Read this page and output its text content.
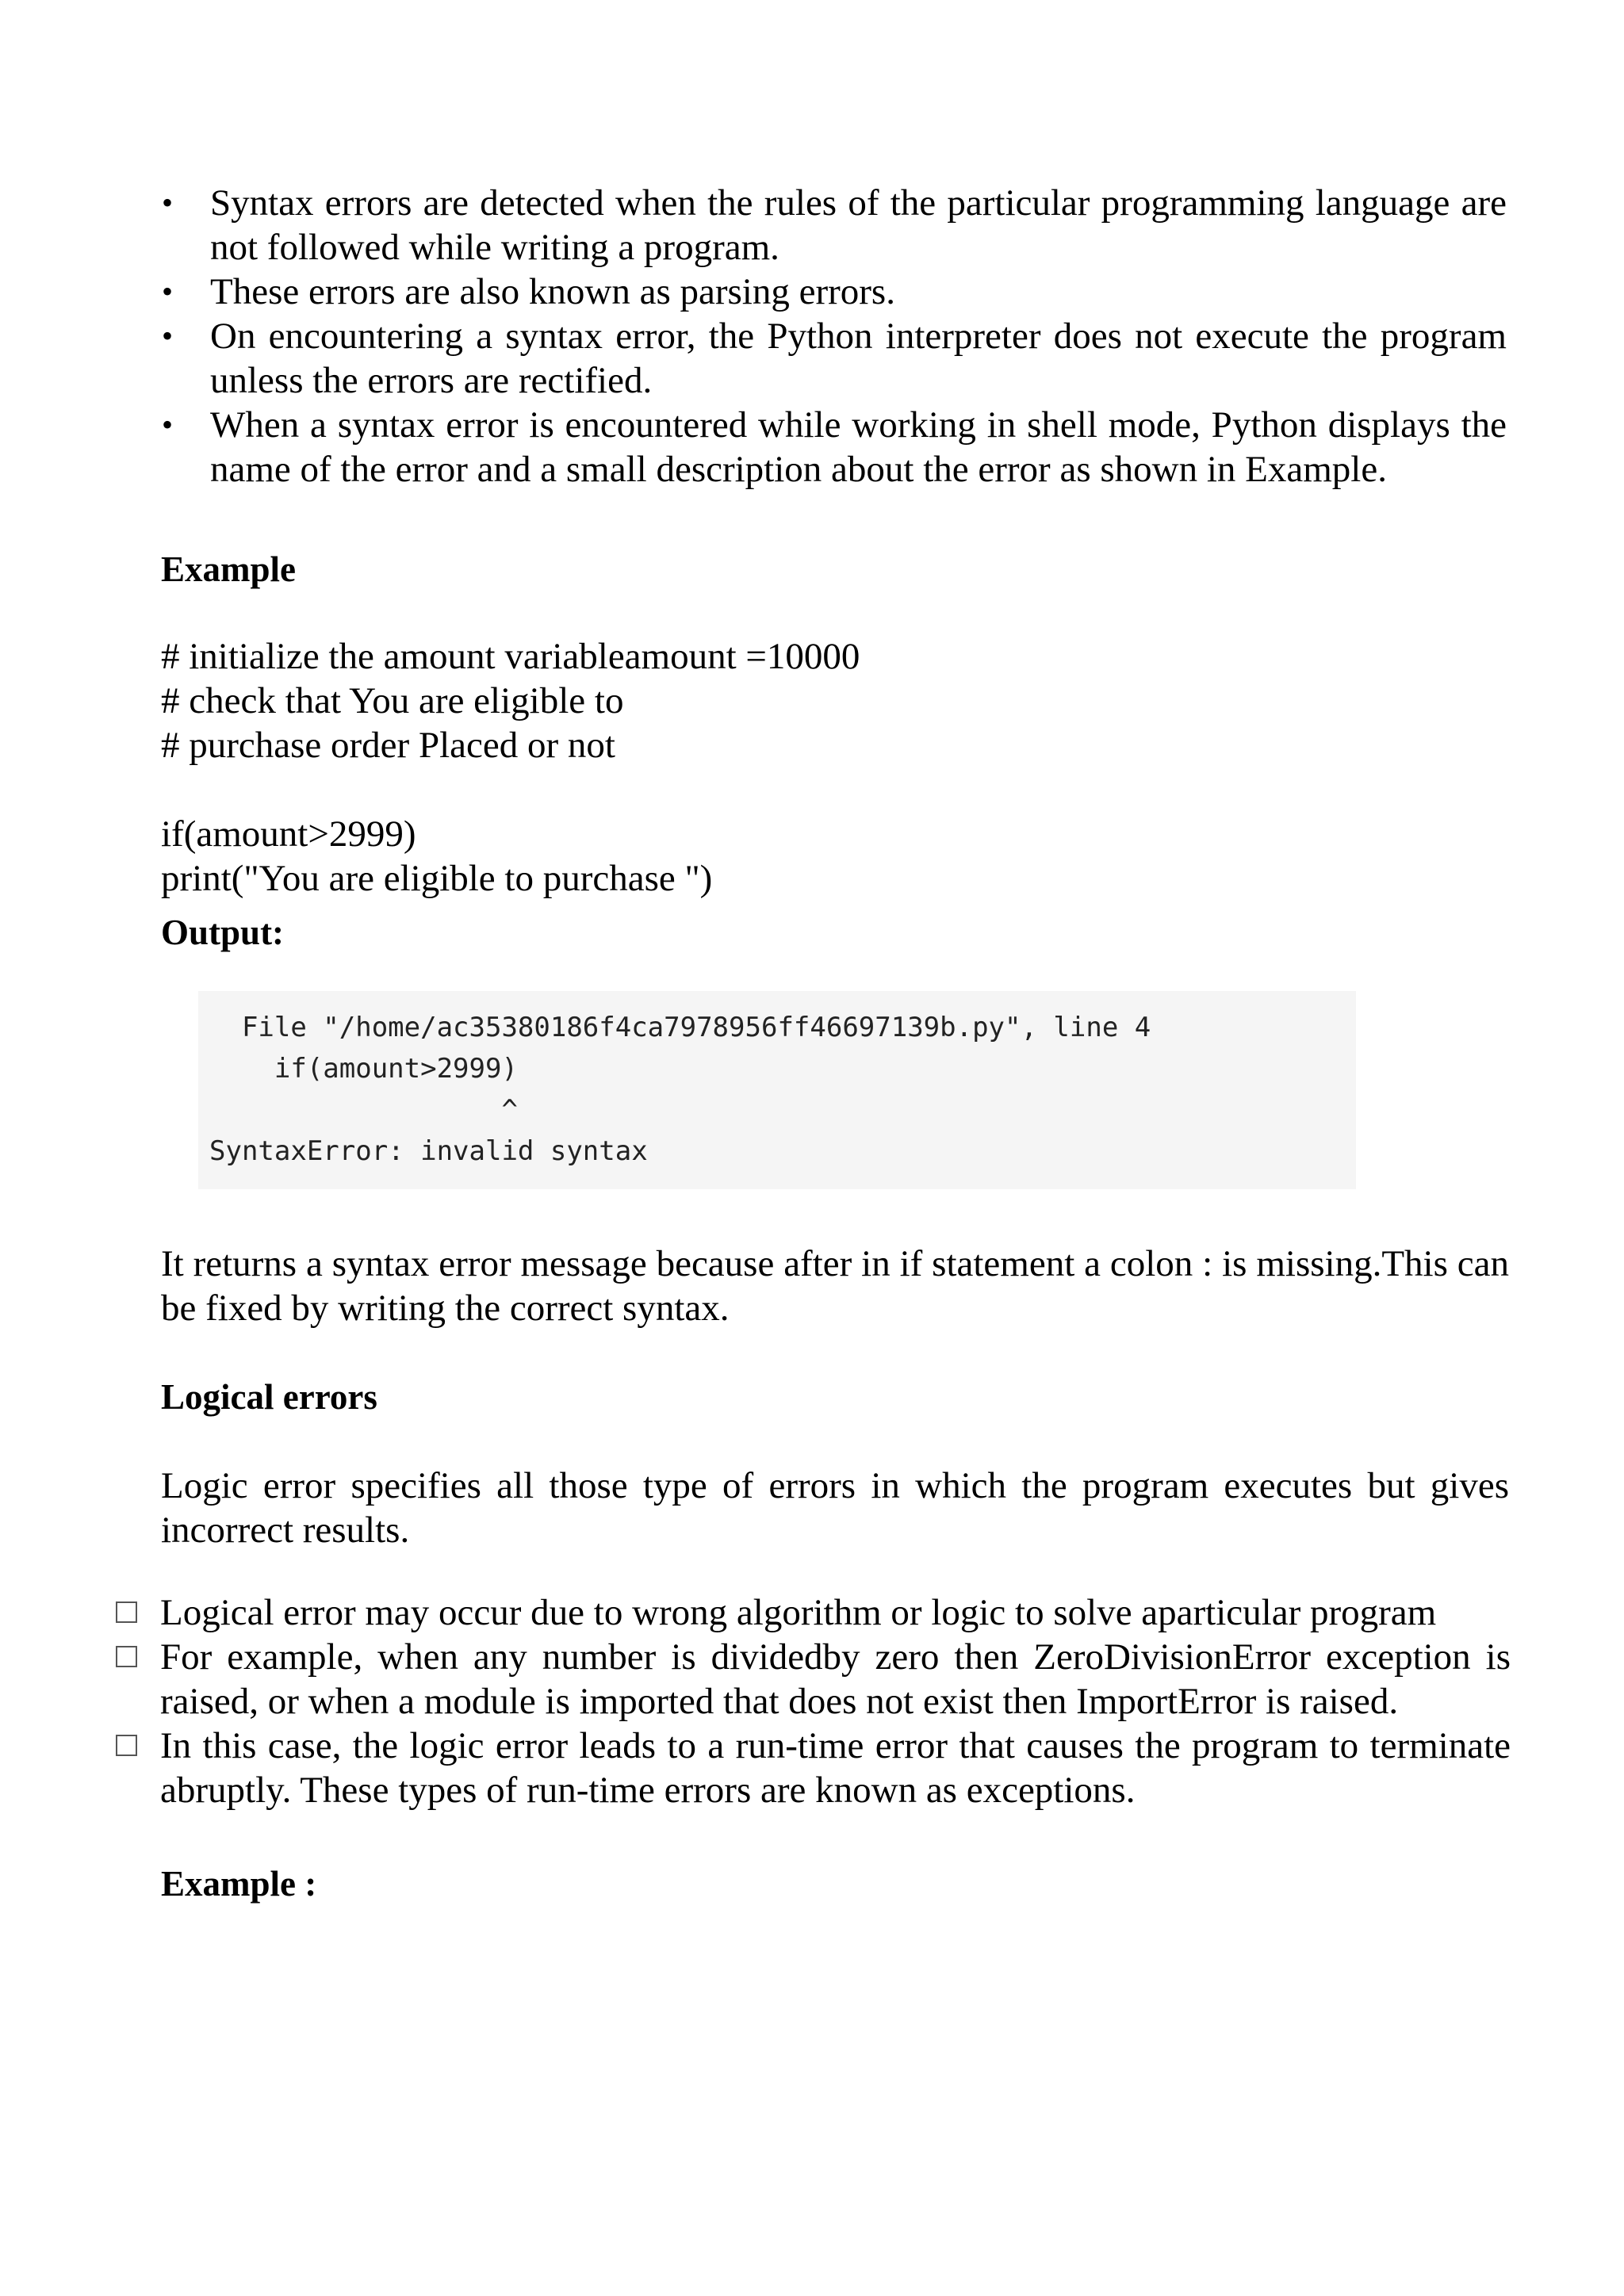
• Syntax errors are detected when the rules of the particular programming language are not followed while writing a program.
• These errors are also known as parsing errors.
• On encountering a syntax error, the Python interpreter does not execute the program unless the errors are rectified.
• When a syntax error is encountered while working in shell mode, Python displays the name of the error and a small description about the error as shown in Example.
Example
# initialize the amount variableamount =10000
# check that You are eligible to
# purchase order Placed or not
if(amount>2999)
print("You are eligible to purchase ")
Output:
File "/home/ac35380186f4ca7978956ff46697139b.py", line 4
if(amount>2999)
^
SyntaxError: invalid syntax
It returns a syntax error message because after in if statement a colon : is missing.This can be fixed by writing the correct syntax.
Logical errors
Logic error specifies all those type of errors in which the program executes but gives incorrect results.
Logical error may occur due to wrong algorithm or logic to solve aparticular program
For example, when any number is dividedby zero then ZeroDivisionError exception is raised, or when a module is imported that does not exist then ImportError is raised.
In this case, the logic error leads to a run-time error that causes the program to terminate abruptly. These types of run-time errors are known as exceptions.
Example :
